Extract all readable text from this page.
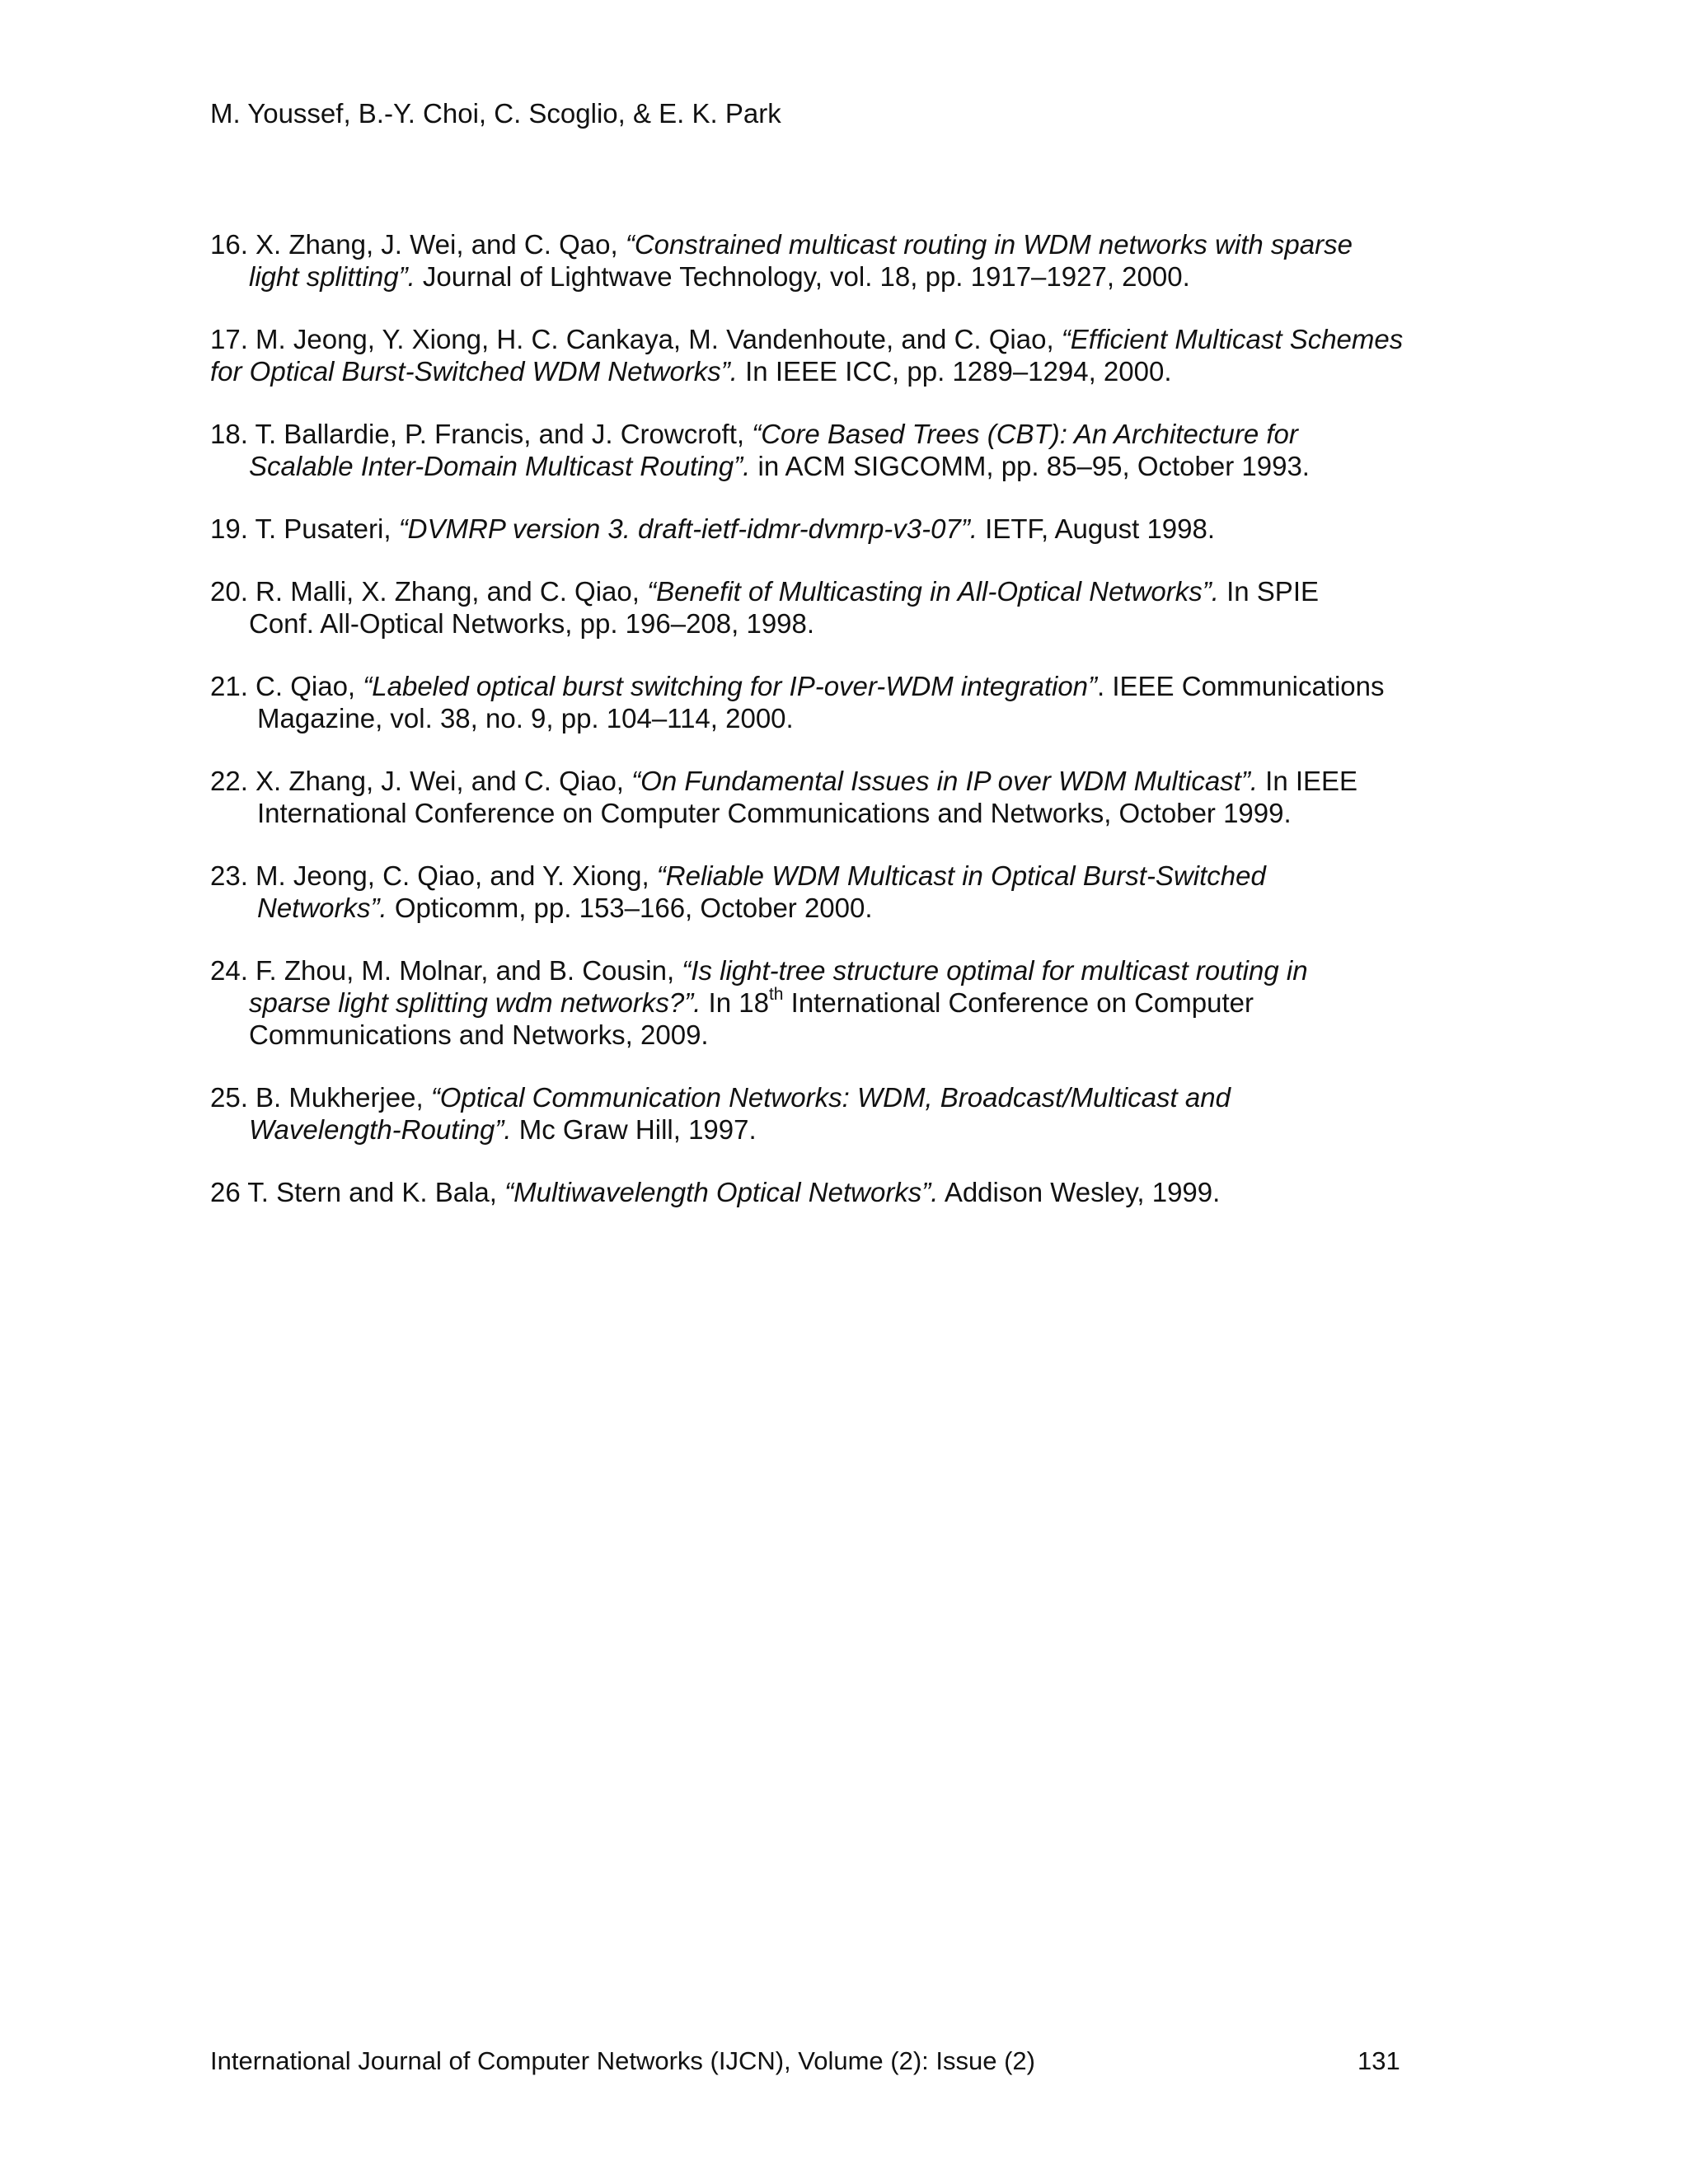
M. Youssef, B.-Y. Choi, C. Scoglio, & E. K. Park
16. X. Zhang, J. Wei, and C. Qao, “Constrained multicast routing in WDM networks with sparse
light splitting”. Journal of Lightwave Technology, vol. 18, pp. 1917–1927, 2000.
17. M. Jeong, Y. Xiong, H. C. Cankaya, M. Vandenhoute, and C. Qiao, “Efficient Multicast Schemes
for Optical Burst-Switched WDM Networks”. In IEEE ICC, pp. 1289–1294, 2000.
18. T. Ballardie, P. Francis, and J. Crowcroft, “Core Based Trees (CBT): An Architecture for
Scalable Inter-Domain Multicast Routing”. in ACM SIGCOMM, pp. 85–95, October 1993.
19. T. Pusateri, “DVMRP version 3. draft-ietf-idmr-dvmrp-v3-07”. IETF, August 1998.
20. R. Malli, X. Zhang, and C. Qiao, “Benefit of Multicasting in All-Optical Networks”. In SPIE
Conf. All-Optical Networks, pp. 196–208, 1998.
21. C. Qiao, “Labeled optical burst switching for IP-over-WDM integration”. IEEE Communications
Magazine, vol. 38, no. 9, pp. 104–114, 2000.
22. X. Zhang, J. Wei, and C. Qiao, “On Fundamental Issues in IP over WDM Multicast”. In IEEE
International Conference on Computer Communications and Networks, October 1999.
23. M. Jeong, C. Qiao, and Y. Xiong, “Reliable WDM Multicast in Optical Burst-Switched
Networks”. Opticomm, pp. 153–166, October 2000.
24. F. Zhou, M. Molnar, and B. Cousin, “Is light-tree structure optimal for multicast routing in
sparse light splitting wdm networks?”. In 18th International Conference on Computer
Communications and Networks, 2009.
25. B. Mukherjee, “Optical Communication Networks: WDM, Broadcast/Multicast and
Wavelength-Routing”. Mc Graw Hill, 1997.
26 T. Stern and K. Bala, “Multiwavelength Optical Networks”. Addison Wesley, 1999.
International Journal of Computer Networks (IJCN), Volume (2): Issue (2)	131
